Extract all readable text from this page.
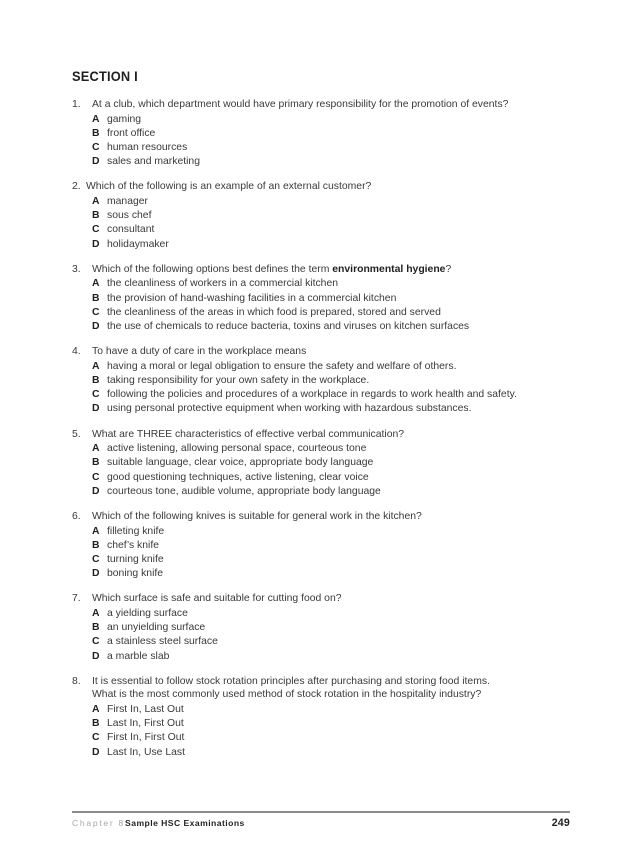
SECTION I
1.	At a club, which department would have primary responsibility for the promotion of events?
A gaming
B front office
C human resources
D sales and marketing
2. Which of the following is an example of an external customer?
A manager
B sous chef
C consultant
D holidaymaker
3.	Which of the following options best defines the term environmental hygiene?
A the cleanliness of workers in a commercial kitchen
B the provision of hand-washing facilities in a commercial kitchen
C the cleanliness of the areas in which food is prepared, stored and served
D the use of chemicals to reduce bacteria, toxins and viruses on kitchen surfaces
4.	To have a duty of care in the workplace means
A having a moral or legal obligation to ensure the safety and welfare of others.
B taking responsibility for your own safety in the workplace.
C following the policies and procedures of a workplace in regards to work health and safety.
D using personal protective equipment when working with hazardous substances.
5.	What are THREE characteristics of effective verbal communication?
A active listening, allowing personal space, courteous tone
B suitable language, clear voice, appropriate body language
C good questioning techniques, active listening, clear voice
D courteous tone, audible volume, appropriate body language
6.	Which of the following knives is suitable for general work in the kitchen?
A filleting knife
B chef’s knife
C turning knife
D boning knife
7.	Which surface is safe and suitable for cutting food on?
A a yielding surface
B an unyielding surface
C a stainless steel surface
D a marble slab
8.	It is essential to follow stock rotation principles after purchasing and storing food items.
What is the most commonly used method of stock rotation in the hospitality industry?
A First In, Last Out
B Last In, First Out
C First In, First Out
D Last In, Use Last
Chapter 8Sample HSC Examinations	249
